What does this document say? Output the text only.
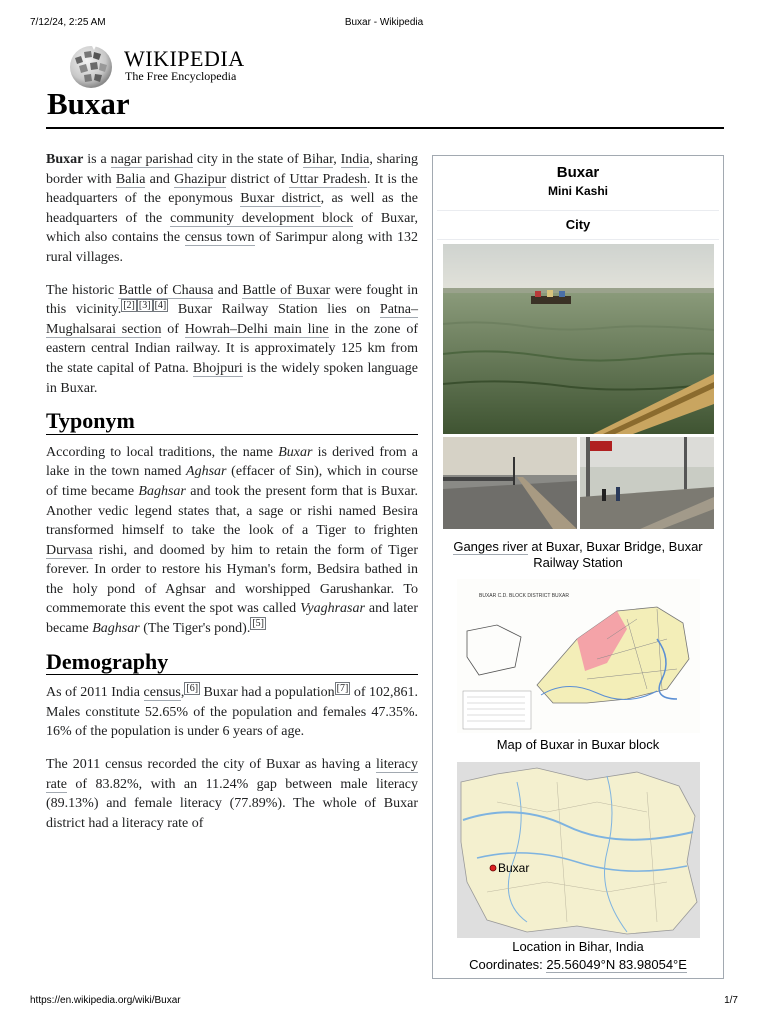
7/12/24, 2:25 AM	Buxar - Wikipedia
WIKIPEDIA
The Free Encyclopedia
Buxar

Buxar is a nagar parishad city in the state of Bihar, India, sharing border with Balia and Ghazipur district of Uttar Pradesh. It is the headquarters of the eponymous Buxar district, as well as the headquarters of the community development block of Buxar, which also contains the census town of Sarimpur along with 132 rural villages.

The historic Battle of Chausa and Battle of Buxar were fought in this vicinity. [2] [3] [4] Buxar Railway Station lies on Patna–Mughalsarai section of Howrah–Delhi main line in the zone of eastern central Indian railway. It is approximately 125 km from the state capital of Patna. Bhojpuri is the widely spoken language in Buxar.

Typonym

According to local traditions, the name Buxar is derived from a lake in the town named Aghsar (effacer of Sin), which in course of time became Baghsar and took the present form that is Buxar. Another vedic legend states that, a sage or rishi named Besira transformed himself to take the look of a Tiger to frighten Durvasa rishi, and doomed by him to retain the form of Tiger forever. In order to restore his Hyman's form, Bedsira bathed in the holy pond of Aghsar and worshipped Garushankar. To commemorate this event the spot was called Vyaghrasar and later became Baghsar (The Tiger's pond). [5]

Demography

As of 2011 India census, [6] Buxar had a population [7] of 102,861. Males constitute 52.65% of the population and females 47.35%. 16% of the population is under 6 years of age.

The 2011 census recorded the city of Buxar as having a literacy rate of 83.82%, with an 11.24% gap between male literacy (89.13%) and female literacy (77.89%). The whole of Buxar district had a literacy rate of

Buxar
Mini Kashi
City
Ganges river at Buxar, Buxar Bridge, Buxar Railway Station
BUXAR C.D. BLOCK DISTRICT BUXAR
Map of Buxar in Buxar block
Buxar
Location in Bihar, India
Coordinates: 25.56049°N 83.98054°E
https://en.wikipedia.org/wiki/Buxar	1/7
